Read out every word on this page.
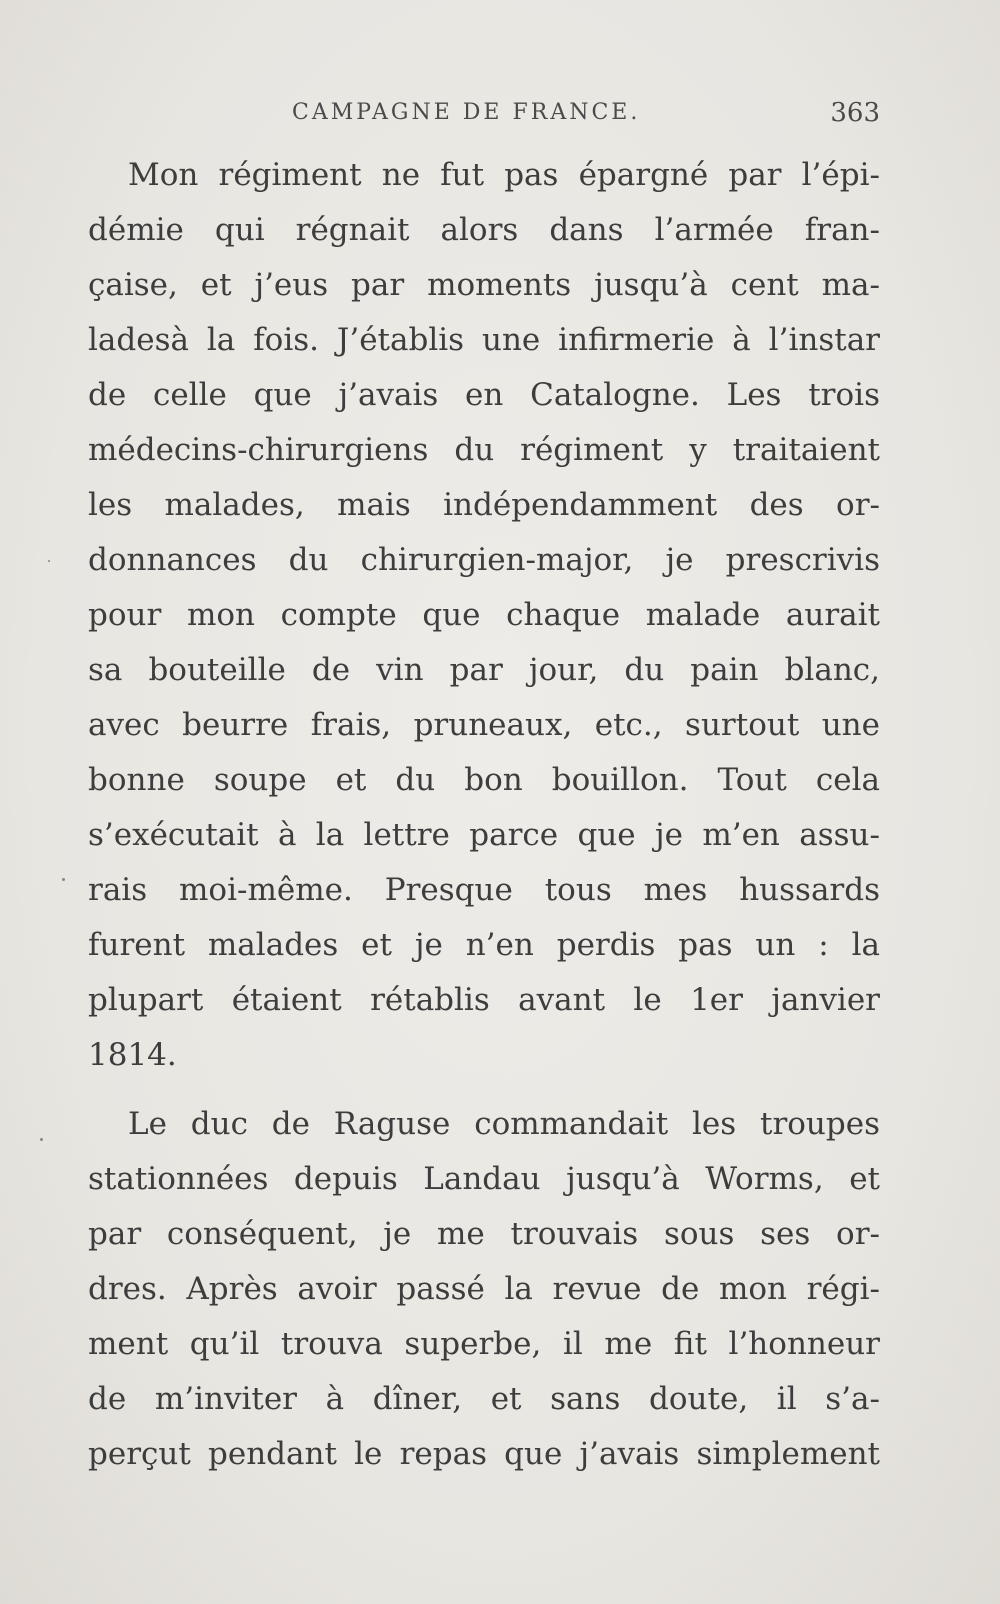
CAMPAGNE DE FRANCE.	363
Mon régiment ne fut pas épargné par l’épi-
démie qui régnait alors dans l’armée fran-
çaise, et j’eus par moments jusqu’à cent ma-
ladesà la fois. J’établis une infirmerie à l’instar
de celle que j’avais en Catalogne. Les trois
médecins-chirurgiens du régiment y traitaient
les malades, mais indépendamment des or-
donnances du chirurgien-major, je prescrivis
pour mon compte que chaque malade aurait
sa bouteille de vin par jour, du pain blanc,
avec beurre frais, pruneaux, etc., surtout une
bonne soupe et du bon bouillon. Tout cela
s’exécutait à la lettre parce que je m’en assu-
rais moi-même. Presque tous mes hussards
furent malades et je n’en perdis pas un : la
plupart étaient rétablis avant le 1er janvier
1814.
Le duc de Raguse commandait les troupes
stationnées depuis Landau jusqu’à Worms, et
par conséquent, je me trouvais sous ses or-
dres. Après avoir passé la revue de mon régi-
ment qu’il trouva superbe, il me fit l’honneur
de m’inviter à dîner, et sans doute, il s’a-
perçut pendant le repas que j’avais simplement
